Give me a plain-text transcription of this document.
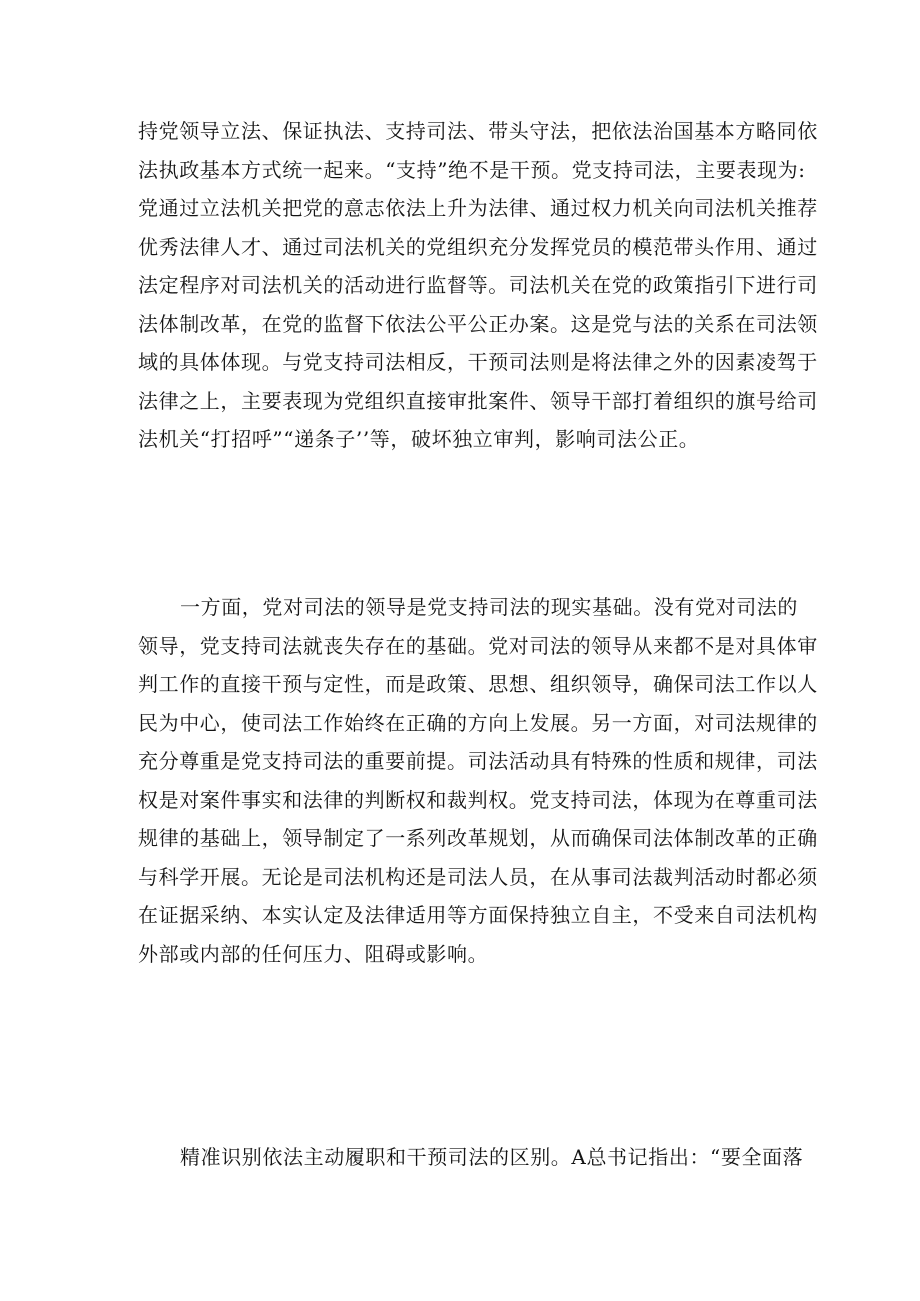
持党领导立法、保证执法、支持司法、带头守法，把依法治国基本方略同依
法执政基本方式统一起来。“支持”绝不是干预。党支持司法，主要表现为:
党通过立法机关把党的意志依法上升为法律、通过权力机关向司法机关推荐
优秀法律人才、通过司法机关的党组织充分发挥党员的模范带头作用、通过
法定程序对司法机关的活动进行监督等。司法机关在党的政策指引下进行司
法体制改革，在党的监督下依法公平公正办案。这是党与法的关系在司法领
域的具体体现。与党支持司法相反，干预司法则是将法律之外的因素凌驾于
法律之上，主要表现为党组织直接审批案件、领导干部打着组织的旗号给司
法机关“打招呼”“递条子’’等，破坏独立审判，影响司法公正。
一方面，党对司法的领导是党支持司法的现实基础。没有党对司法的
领导，党支持司法就丧失存在的基础。党对司法的领导从来都不是对具体审
判工作的直接干预与定性，而是政策、思想、组织领导，确保司法工作以人
民为中心，使司法工作始终在正确的方向上发展。另一方面，对司法规律的
充分尊重是党支持司法的重要前提。司法活动具有特殊的性质和规律，司法
权是对案件事实和法律的判断权和裁判权。党支持司法，体现为在尊重司法
规律的基础上，领导制定了一系列改革规划，从而确保司法体制改革的正确
与科学开展。无论是司法机构还是司法人员，在从事司法裁判活动时都必须
在证据采纳、本实认定及法律适用等方面保持独立自主，不受来自司法机构
外部或内部的任何压力、阻碍或影响。
精准识别依法主动履职和干预司法的区别。A总书记指出：“要全面落
